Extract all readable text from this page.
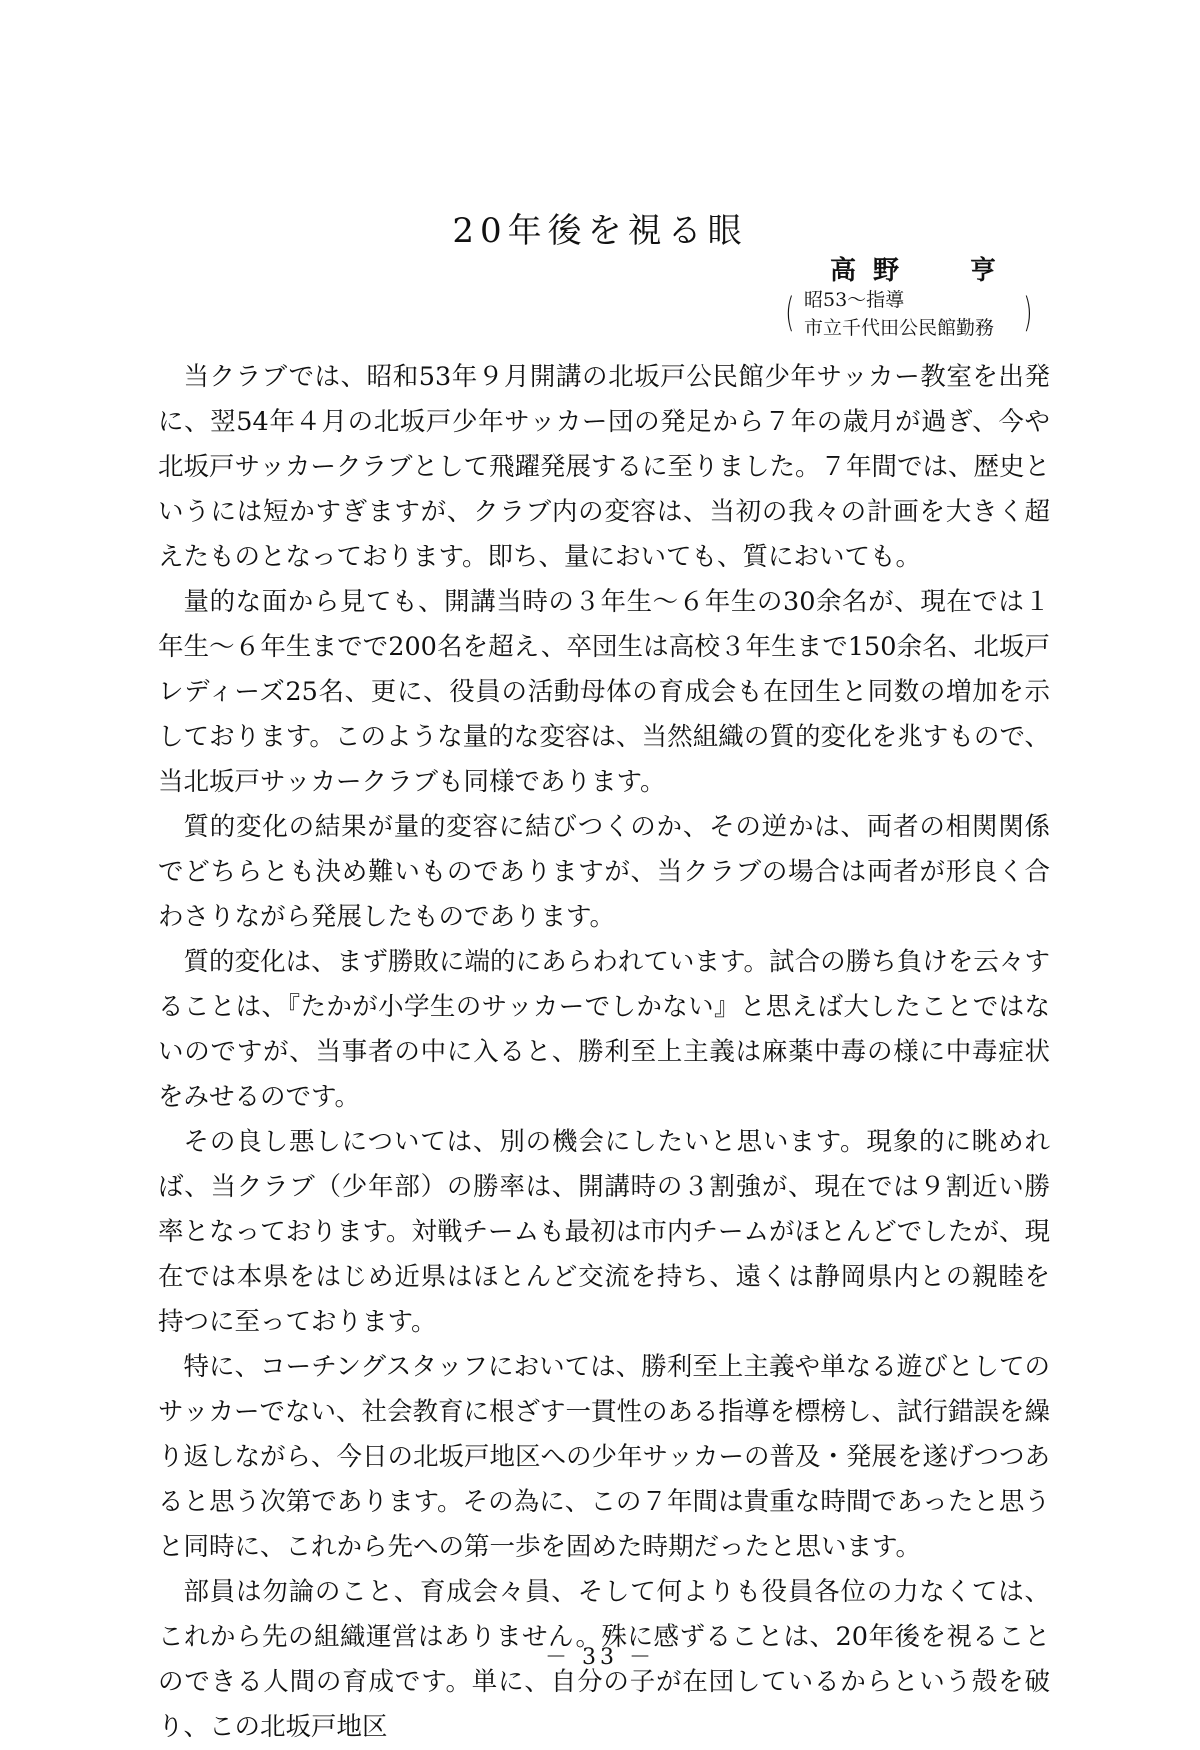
20年後を視る眼
高 野	亨
( 昭53～指導
市立千代田公民館勤務 )

当クラブでは、昭和53年９月開講の北坂戸公民館少年サッカー教室を出発に、翌54年４月の北坂戸少年サッカー団の発足から７年の歳月が過ぎ、今や北坂戸サッカークラブとして飛躍発展するに至りました。７年間では、歴史というには短かすぎますが、クラブ内の変容は、当初の我々の計画を大きく超えたものとなっております。即ち、量においても、質においても。

量的な面から見ても、開講当時の３年生～６年生の30余名が、現在では１年生～６年生までで200名を超え、卒団生は高校３年生まで150余名、北坂戸レディーズ25名、更に、役員の活動母体の育成会も在団生と同数の増加を示しております。このような量的な変容は、当然組織の質的変化を兆すもので、当北坂戸サッカークラブも同様であります。

質的変化の結果が量的変容に結びつくのか、その逆かは、両者の相関関係でどちらとも決め難いものでありますが、当クラブの場合は両者が形良く合わさりながら発展したものであります。

質的変化は、まず勝敗に端的にあらわれています。試合の勝ち負けを云々することは、『たかが小学生のサッカーでしかない』と思えば大したことではないのですが、当事者の中に入ると、勝利至上主義は麻薬中毒の様に中毒症状をみせるのです。

その良し悪しについては、別の機会にしたいと思います。現象的に眺めれば、当クラブ（少年部）の勝率は、開講時の３割強が、現在では９割近い勝率となっております。対戦チームも最初は市内チームがほとんどでしたが、現在では本県をはじめ近県はほとんど交流を持ち、遠くは静岡県内との親睦を持つに至っております。

特に、コーチングスタッフにおいては、勝利至上主義や単なる遊びとしてのサッカーでない、社会教育に根ざす一貫性のある指導を標榜し、試行錯誤を繰り返しながら、今日の北坂戸地区への少年サッカーの普及・発展を遂げつつあると思う次第であります。その為に、この７年間は貴重な時間であったと思うと同時に、これから先への第一歩を固めた時期だったと思います。

部員は勿論のこと、育成会々員、そして何よりも役員各位の力なくては、これから先の組織運営はありません。殊に感ずることは、20年後を視ることのできる人間の育成です。単に、自分の子が在団しているからという殻を破り、この北坂戸地区

－ 33 －
